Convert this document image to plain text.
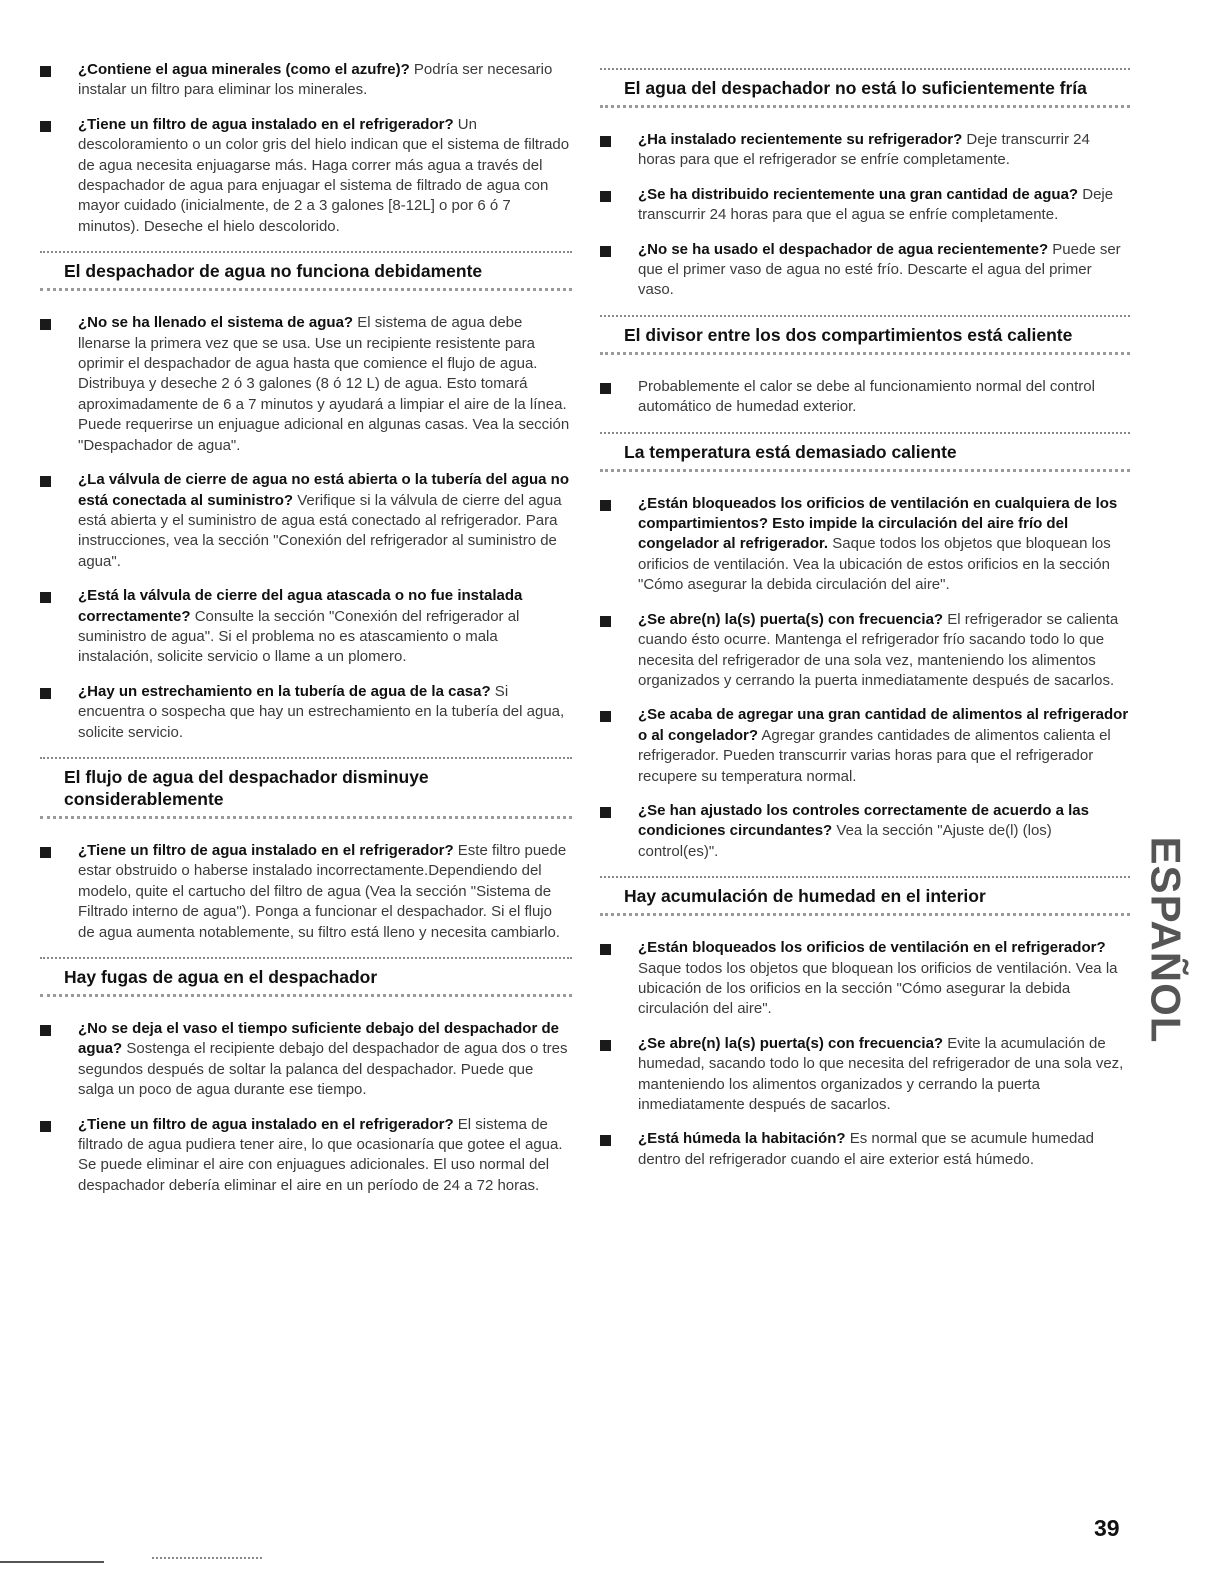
¿Contiene el agua minerales (como el azufre)? Podría ser necesario instalar un filtro para eliminar los minerales.

¿Tiene un filtro de agua instalado en el refrigerador? Un descoloramiento o un color gris del hielo indican que el sistema de filtrado de agua necesita enjuagarse más. Haga correr más agua a través del despachador de agua para enjuagar el sistema de filtrado de agua con mayor cuidado (inicialmente, de 2 a 3 galones [8-12L] o por 6 ó 7 minutos). Deseche el hielo descolorido.

El despachador de agua no funciona debidamente

¿No se ha llenado el sistema de agua? El sistema de agua debe llenarse la primera vez que se usa. Use un recipiente resistente para oprimir el despachador de agua hasta que comience el flujo de agua. Distribuya y deseche 2 ó 3 galones (8 ó 12 L) de agua. Esto tomará aproximadamente de 6 a 7 minutos y ayudará a limpiar el aire de la línea. Puede requerirse un enjuague adicional en algunas casas. Vea la sección "Despachador de agua".

¿La válvula de cierre de agua no está abierta o la tubería del agua no está conectada al suministro? Verifique si la válvula de cierre del agua está abierta y el suministro de agua está conectado al refrigerador. Para instrucciones, vea la sección "Conexión del refrigerador al suministro de agua".

¿Está la válvula de cierre del agua atascada o no fue instalada correctamente? Consulte la sección "Conexión del refrigerador al suministro de agua". Si el problema no es atascamiento o mala instalación, solicite servicio o llame a un plomero.

¿Hay un estrechamiento en la tubería de agua de la casa? Si encuentra o sospecha que hay un estrechamiento en la tubería del agua, solicite servicio.

El flujo de agua del despachador disminuye considerablemente

¿Tiene un filtro de agua instalado en el refrigerador? Este filtro puede estar obstruido o haberse instalado incorrectamente.Dependiendo del modelo, quite el cartucho del filtro de agua (Vea la sección "Sistema de Filtrado interno de agua"). Ponga a funcionar el despachador. Si el flujo de agua aumenta notablemente, su filtro está lleno y necesita cambiarlo.

Hay fugas de agua en el despachador

¿No se deja el vaso el tiempo suficiente debajo del despachador de agua? Sostenga el recipiente debajo del despachador de agua dos o tres segundos después de soltar la palanca del despachador. Puede que salga un poco de agua durante ese tiempo.

¿Tiene un filtro de agua instalado en el refrigerador? El sistema de filtrado de agua pudiera tener aire, lo que ocasionaría que gotee el agua. Se puede eliminar el aire con enjuagues adicionales. El uso normal del despachador debería eliminar el aire en un período de 24 a 72 horas.

El agua del despachador no está lo suficientemente fría

¿Ha instalado recientemente su refrigerador? Deje transcurrir 24 horas para que el refrigerador se enfríe completamente.

¿Se ha distribuido recientemente una gran cantidad de agua? Deje transcurrir 24 horas para que el agua se enfríe completamente.

¿No se ha usado el despachador de agua recientemente? Puede ser que el primer vaso de agua no esté frío. Descarte el agua del primer vaso.

El divisor entre los dos compartimientos está caliente

Probablemente el calor se debe al funcionamiento normal del control automático de humedad exterior.

La temperatura está demasiado caliente

¿Están bloqueados los orificios de ventilación en cualquiera de los compartimientos? Esto impide la circulación del aire frío del congelador al refrigerador. Saque todos los objetos que bloquean los orificios de ventilación. Vea la ubicación de estos orificios en la sección "Cómo asegurar la debida circulación del aire".

¿Se abre(n) la(s) puerta(s) con frecuencia? El refrigerador se calienta cuando ésto ocurre. Mantenga el refrigerador frío sacando todo lo que necesita del refrigerador de una sola vez, manteniendo los alimentos organizados y cerrando la puerta inmediatamente después de sacarlos.

¿Se acaba de agregar una gran cantidad de alimentos al refrigerador o al congelador? Agregar grandes cantidades de alimentos calienta el refrigerador. Pueden transcurrir varias horas para que el refrigerador recupere su temperatura normal.

¿Se han ajustado los controles correctamente de acuerdo a las condiciones circundantes? Vea la sección "Ajuste de(l) (los) control(es)".

Hay acumulación de humedad en el interior

¿Están bloqueados los orificios de ventilación en el refrigerador? Saque todos los objetos que bloquean los orificios de ventilación. Vea la ubicación de los orificios en la sección "Cómo asegurar la debida circulación del aire".

¿Se abre(n) la(s) puerta(s) con frecuencia? Evite la acumulación de humedad, sacando todo lo que necesita del refrigerador de una sola vez, manteniendo los alimentos organizados y cerrando la puerta inmediatamente después de sacarlos.

¿Está húmeda la habitación? Es normal que se acumule humedad dentro del refrigerador cuando el aire exterior está húmedo.

ESPAÑOL
39
